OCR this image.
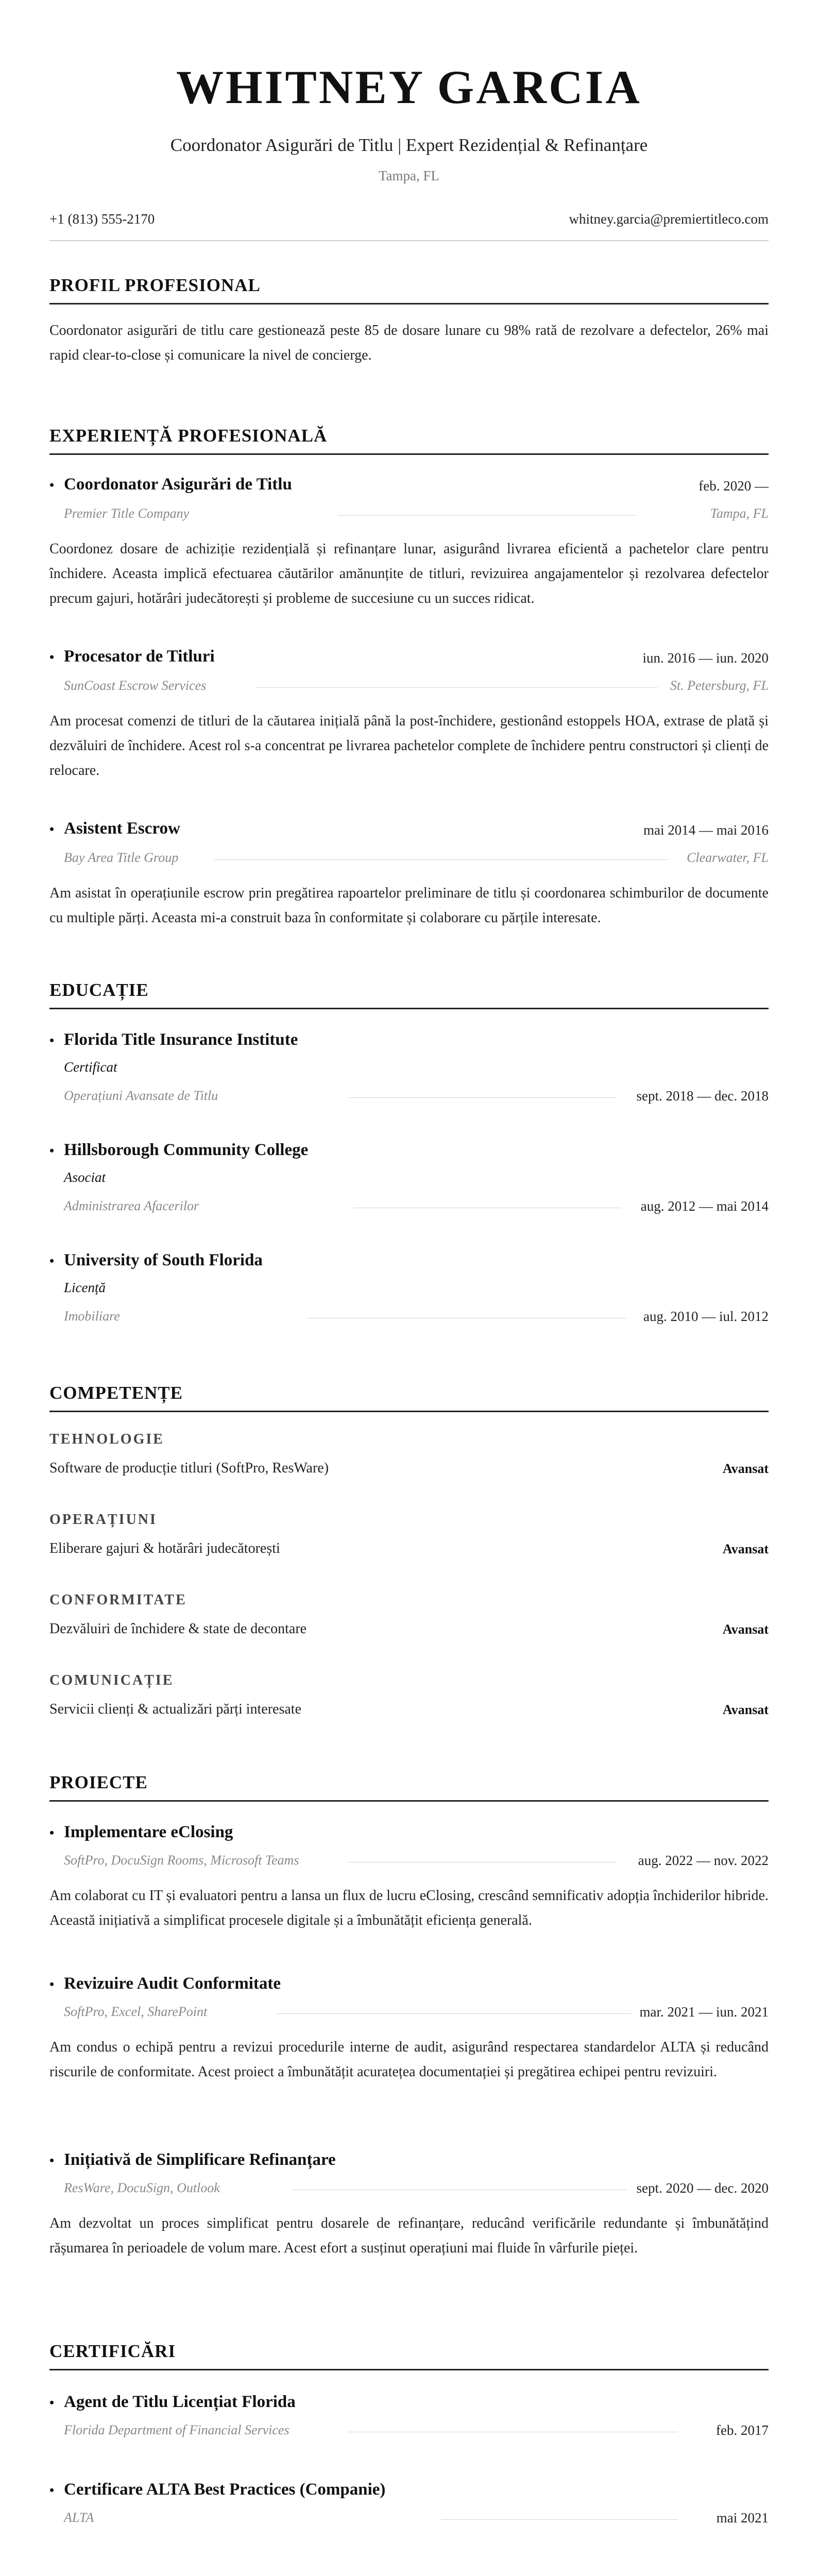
WHITNEY GARCIA
Coordonator Asigurări de Titlu | Expert Rezidențial & Refinanțare
Tampa, FL
+1 (813) 555-2170	whitney.garcia@premiertitleco.com
PROFIL PROFESIONAL
Coordonator asigurări de titlu care gestionează peste 85 de dosare lunare cu 98% rată de rezolvare a defectelor, 26% mai rapid clear-to-close și comunicare la nivel de concierge.
EXPERIENȚĂ PROFESIONALĂ
• Coordonator Asigurări de Titlu	feb. 2020 —
Premier Title Company	Tampa, FL
Coordonez dosare de achiziție rezidențială și refinanțare lunar, asigurând livrarea eficientă a pachetelor clare pentru închidere. Aceasta implică efectuarea căutărilor amănunțite de titluri, revizuirea angajamentelor și rezolvarea defectelor precum gajuri, hotărâri judecătorești și probleme de succesiune cu un succes ridicat.
• Procesator de Titluri	iun. 2016 — iun. 2020
SunCoast Escrow Services	St. Petersburg, FL
Am procesat comenzi de titluri de la căutarea inițială până la post-închidere, gestionând estoppels HOA, extrase de plată și dezvăluiri de închidere. Acest rol s-a concentrat pe livrarea pachetelor complete de închidere pentru constructori și clienți de relocare.
• Asistent Escrow	mai 2014 — mai 2016
Bay Area Title Group	Clearwater, FL
Am asistat în operațiunile escrow prin pregătirea rapoartelor preliminare de titlu și coordonarea schimburilor de documente cu multiple părți. Aceasta mi-a construit baza în conformitate și colaborare cu părțile interesate.
EDUCAȚIE
• Florida Title Insurance Institute
Certificat
Operațiuni Avansate de Titlu	sept. 2018 — dec. 2018
• Hillsborough Community College
Asociat
Administrarea Afacerilor	aug. 2012 — mai 2014
• University of South Florida
Licență
Imobiliare	aug. 2010 — iul. 2012
COMPETENȚE
TEHNOLOGIE
Software de producție titluri (SoftPro, ResWare)	Avansat
OPERAȚIUNI
Eliberare gajuri & hotărâri judecătorești	Avansat
CONFORMITATE
Dezvăluiri de închidere & state de decontare	Avansat
COMUNICAȚIE
Servicii clienți & actualizări părți interesate	Avansat
PROIECTE
• Implementare eClosing
SoftPro, DocuSign Rooms, Microsoft Teams	aug. 2022 — nov. 2022
Am colaborat cu IT și evaluatori pentru a lansa un flux de lucru eClosing, crescând semnificativ adopția închiderilor hibride. Această inițiativă a simplificat procesele digitale și a îmbunătățit eficiența generală.
• Revizuire Audit Conformitate
SoftPro, Excel, SharePoint	mar. 2021 — iun. 2021
Am condus o echipă pentru a revizui procedurile interne de audit, asigurând respectarea standardelor ALTA și reducând riscurile de conformitate. Acest proiect a îmbunătățit acuratețea documentației și pregătirea echipei pentru revizuiri.
• Inițiativă de Simplificare Refinanțare
ResWare, DocuSign, Outlook	sept. 2020 — dec. 2020
Am dezvoltat un proces simplificat pentru dosarele de refinanțare, reducând verificările redundante și îmbunătățind rășumarea în perioadele de volum mare. Acest efort a susținut operațiuni mai fluide în vârfurile pieței.
CERTIFICĂRI
• Agent de Titlu Licențiat Florida
Florida Department of Financial Services	feb. 2017
• Certificare ALTA Best Practices (Companie)
ALTA	mai 2021
